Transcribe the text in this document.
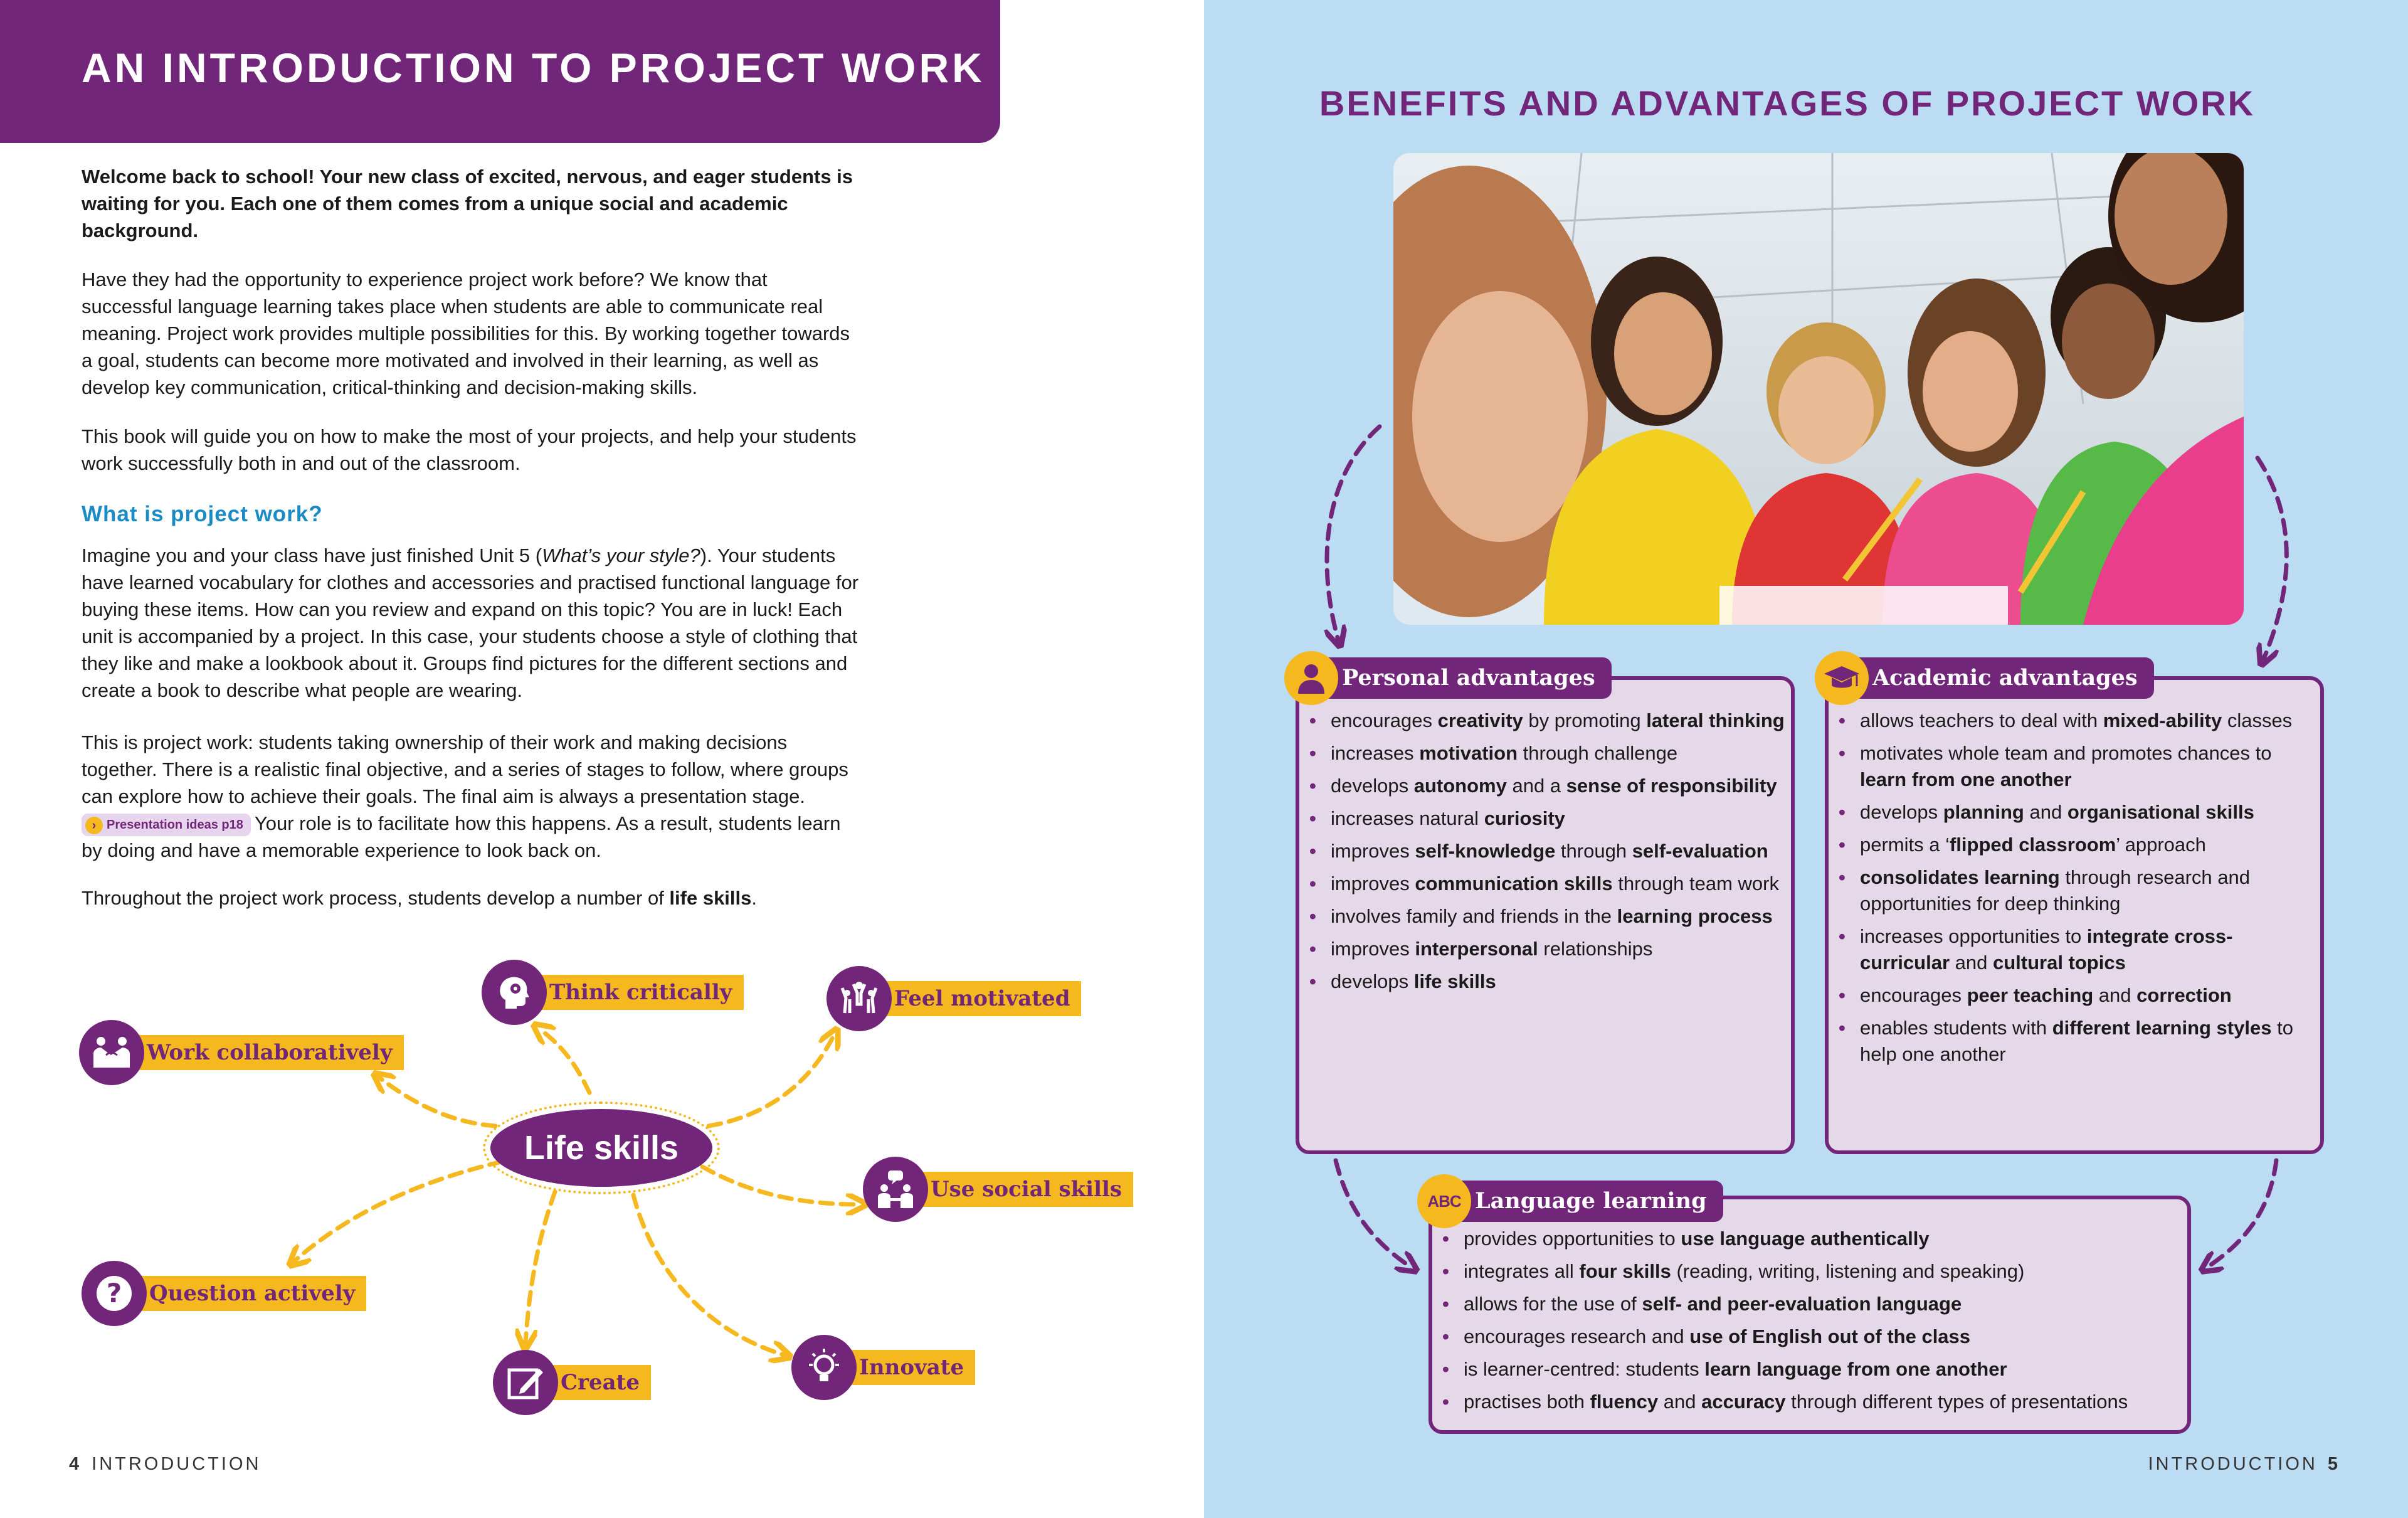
AN INTRODUCTION TO PROJECT WORK

Welcome back to school! Your new class of excited, nervous, and eager students is waiting for you. Each one of them comes from a unique social and academic background.

Have they had the opportunity to experience project work before? We know that successful language learning takes place when students are able to communicate real meaning. Project work provides multiple possibilities for this. By working together towards a goal, students can become more motivated and involved in their learning, as well as develop key communication, critical-thinking and decision-making skills.

This book will guide you on how to make the most of your projects, and help your students work successfully both in and out of the classroom.

What is project work?

Imagine you and your class have just finished Unit 5 (What’s your style?). Your students have learned vocabulary for clothes and accessories and practised functional language for buying these items. How can you review and expand on this topic? You are in luck! Each unit is accompanied by a project. In this case, your students choose a style of clothing that they like and make a lookbook about it. Groups find pictures for the different sections and create a book to describe what people are wearing.

This is project work: students taking ownership of their work and making decisions together. There is a realistic final objective, and a series of stages to follow, where groups can explore how to achieve their goals. The final aim is always a presentation stage. › Presentation ideas p18 Your role is to facilitate how this happens. As a result, students learn by doing and have a memorable experience to look back on.

Throughout the project work process, students develop a number of life skills.

Life skills
Think critically	Feel motivated
Work collaboratively
Use social skills
?	Question actively
Innovate
Create
4 INTRODUCTION
BENEFITS AND ADVANTAGES OF PROJECT WORK
Personal advantages	Academic advantages
ABC Language learning
• encourages creativity by promoting lateral thinking
• increases motivation through challenge
• develops autonomy and a sense of responsibility
• increases natural curiosity
• improves self-knowledge through self-evaluation
• improves communication skills through team work
• involves family and friends in the learning process
• improves interpersonal relationships
• develops life skills
• allows teachers to deal with mixed-ability classes
• motivates whole team and promotes chances to learn from one another
• develops planning and organisational skills
• permits a ‘flipped classroom’ approach
• consolidates learning through research and opportunities for deep thinking
• increases opportunities to integrate cross-curricular and cultural topics
• encourages peer teaching and correction
• enables students with different learning styles to help one another
• provides opportunities to use language authentically
• integrates all four skills (reading, writing, listening and speaking)
• allows for the use of self- and peer-evaluation language
• encourages research and use of English out of the class
• is learner-centred: students learn language from one another
• practises both fluency and accuracy through different types of presentations
INTRODUCTION 5
